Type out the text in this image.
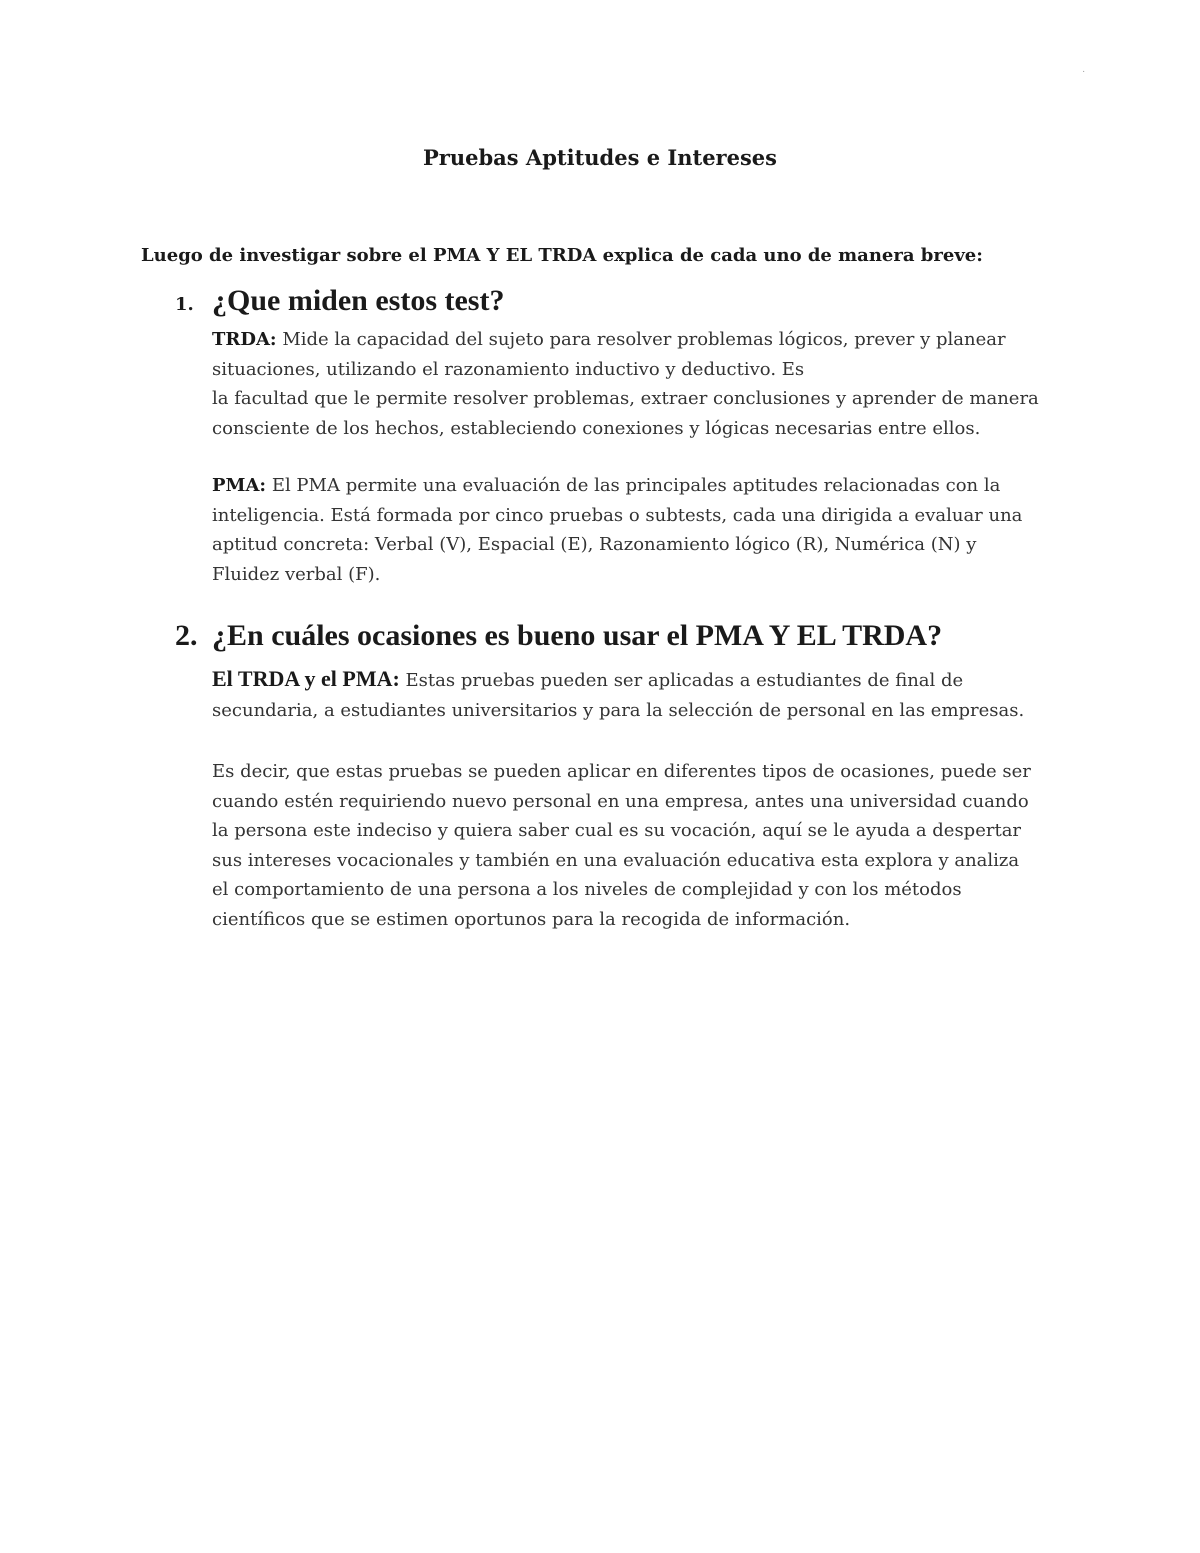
·
Pruebas Aptitudes e Intereses
Luego de investigar sobre el PMA Y EL TRDA explica de cada uno de manera breve:
1. ¿Que miden estos test?

TRDA: Mide la capacidad del sujeto para resolver problemas lógicos, prever y planear
situaciones, utilizando el razonamiento inductivo y deductivo. Es
la facultad que le permite resolver problemas, extraer conclusiones y aprender de manera
consciente de los hechos, estableciendo conexiones y lógicas necesarias entre ellos.

PMA: El PMA permite una evaluación de las principales aptitudes relacionadas con la
inteligencia. Está formada por cinco pruebas o subtests, cada una dirigida a evaluar una
aptitud concreta: Verbal (V), Espacial (E), Razonamiento lógico (R), Numérica (N) y
Fluidez verbal (F).

2. ¿En cuáles ocasiones es bueno usar el PMA Y EL TRDA?

El TRDA y el PMA: Estas pruebas pueden ser aplicadas a estudiantes de final de
secundaria, a estudiantes universitarios y para la selección de personal en las empresas.

Es decir, que estas pruebas se pueden aplicar en diferentes tipos de ocasiones, puede ser
cuando estén requiriendo nuevo personal en una empresa, antes una universidad cuando
la persona este indeciso y quiera saber cual es su vocación, aquí se le ayuda a despertar
sus intereses vocacionales y también en una evaluación educativa esta explora y analiza
el comportamiento de una persona a los niveles de complejidad y con los métodos
científicos que se estimen oportunos para la recogida de información.
